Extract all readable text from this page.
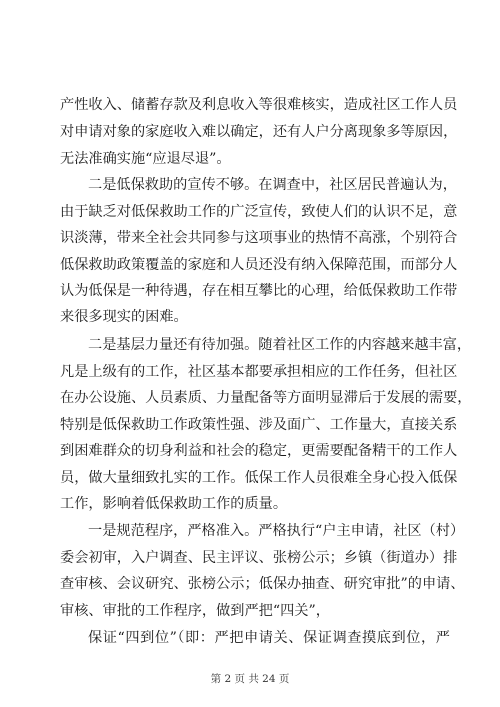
产性收入、储蓄存款及利息收入等很难核实，造成社区工作人员
对申请对象的家庭收入难以确定，还有人户分离现象多等原因，
无法准确实施“应退尽退”。
二是低保救助的宣传不够。在调查中，社区居民普遍认为，
由于缺乏对低保救助工作的广泛宣传，致使人们的认识不足，意
识淡薄，带来全社会共同参与这项事业的热情不高涨，个别符合
低保救助政策覆盖的家庭和人员还没有纳入保障范围，而部分人
认为低保是一种待遇，存在相互攀比的心理，给低保救助工作带
来很多现实的困难。
二是基层力量还有待加强。随着社区工作的内容越来越丰富，
凡是上级有的工作，社区基本都要承担相应的工作任务，但社区
在办公设施、人员素质、力量配备等方面明显滞后于发展的需要，
特别是低保救助工作政策性强、涉及面广、工作量大，直接关系
到困难群众的切身利益和社会的稳定，更需要配备精干的工作人
员，做大量细致扎实的工作。低保工作人员很难全身心投入低保
工作，影响着低保救助工作的质量。
一是规范程序，严格准入。严格执行“户主申请，社区（村）
委会初审，入户调查、民主评议、张榜公示；乡镇（街道办）排
查审核、会议研究、张榜公示；低保办抽查、研究审批”的申请、
审核、审批的工作程序，做到严把“四关”，
保证“四到位”（即：严把申请关、保证调查摸底到位，严
第 2 页 共 24 页
